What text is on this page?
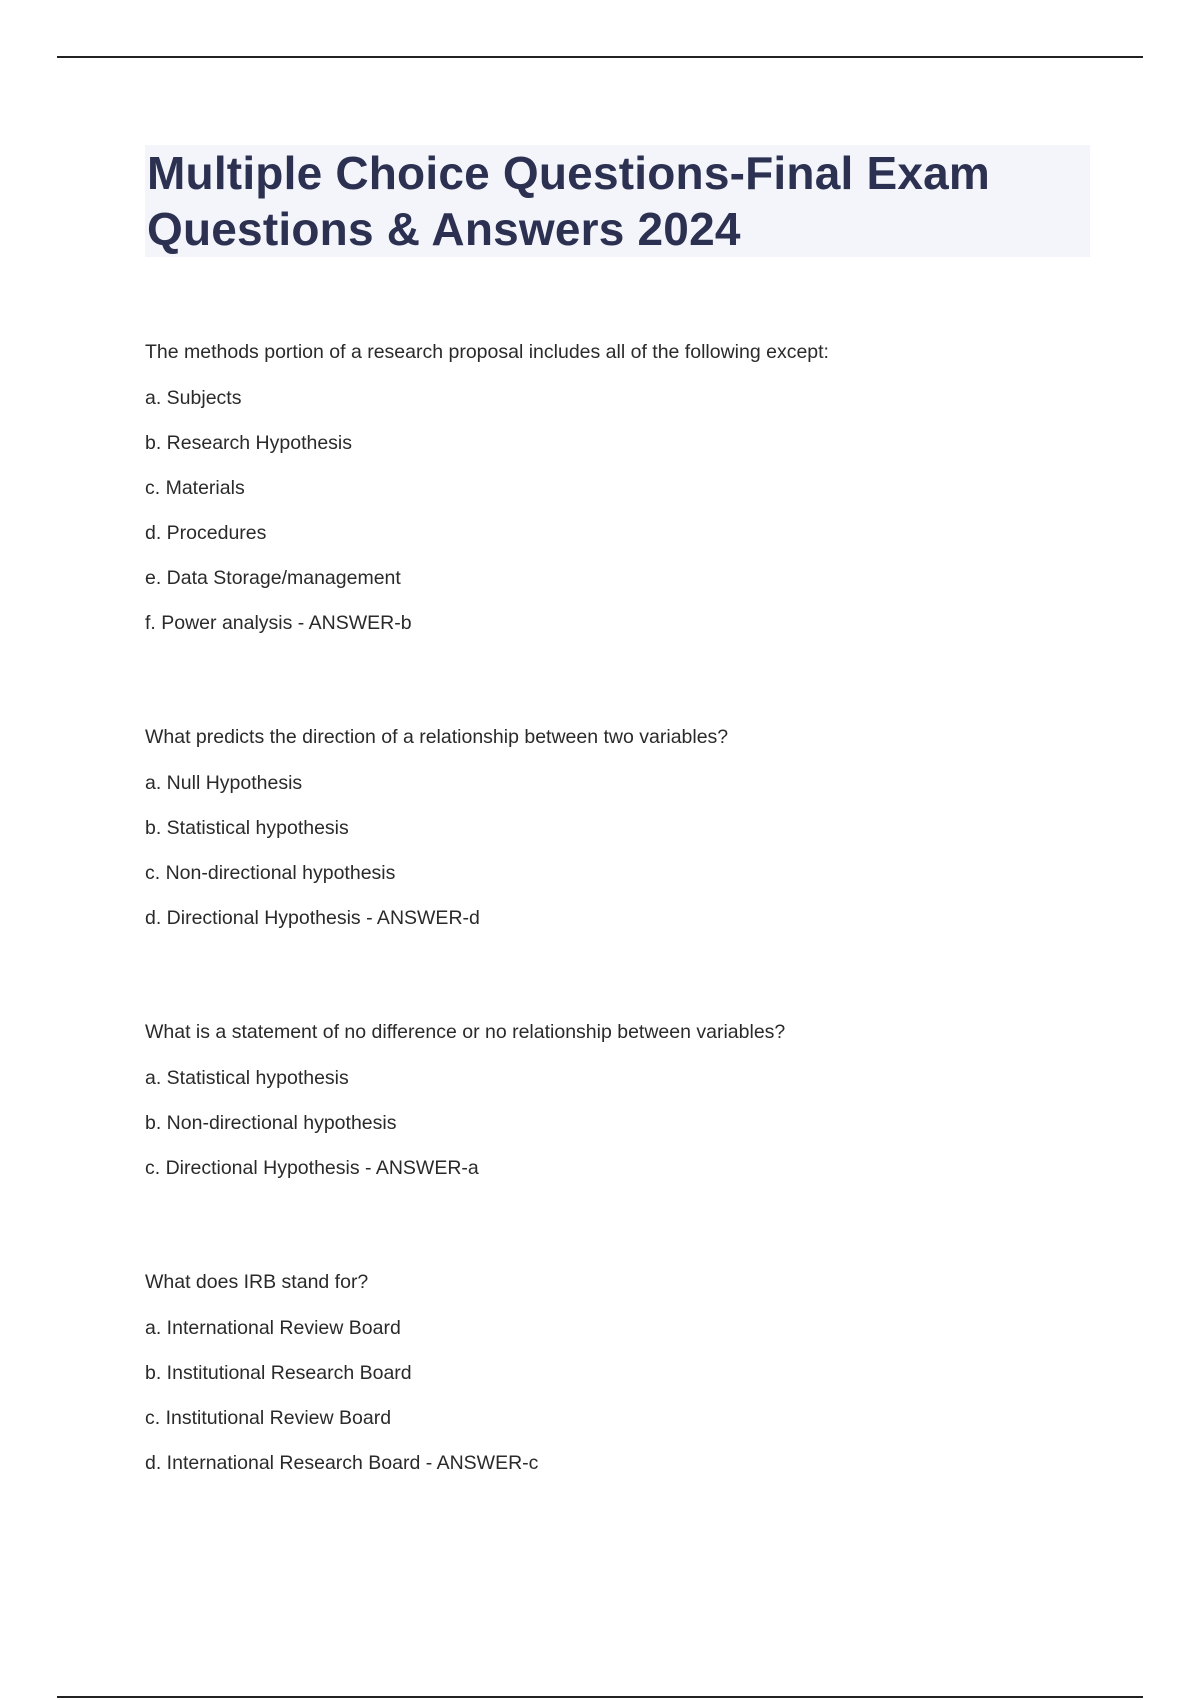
Multiple Choice Questions-Final Exam
Questions & Answers 2024
The methods portion of a research proposal includes all of the following except:
a. Subjects
b. Research Hypothesis
c. Materials
d. Procedures
e. Data Storage/management
f. Power analysis - ANSWER-b
What predicts the direction of a relationship between two variables?
a. Null Hypothesis
b. Statistical hypothesis
c. Non-directional hypothesis
d. Directional Hypothesis - ANSWER-d
What is a statement of no difference or no relationship between variables?
a. Statistical hypothesis
b. Non-directional hypothesis
c. Directional Hypothesis - ANSWER-a
What does IRB stand for?
a. International Review Board
b. Institutional Research Board
c. Institutional Review Board
d. International Research Board - ANSWER-c
